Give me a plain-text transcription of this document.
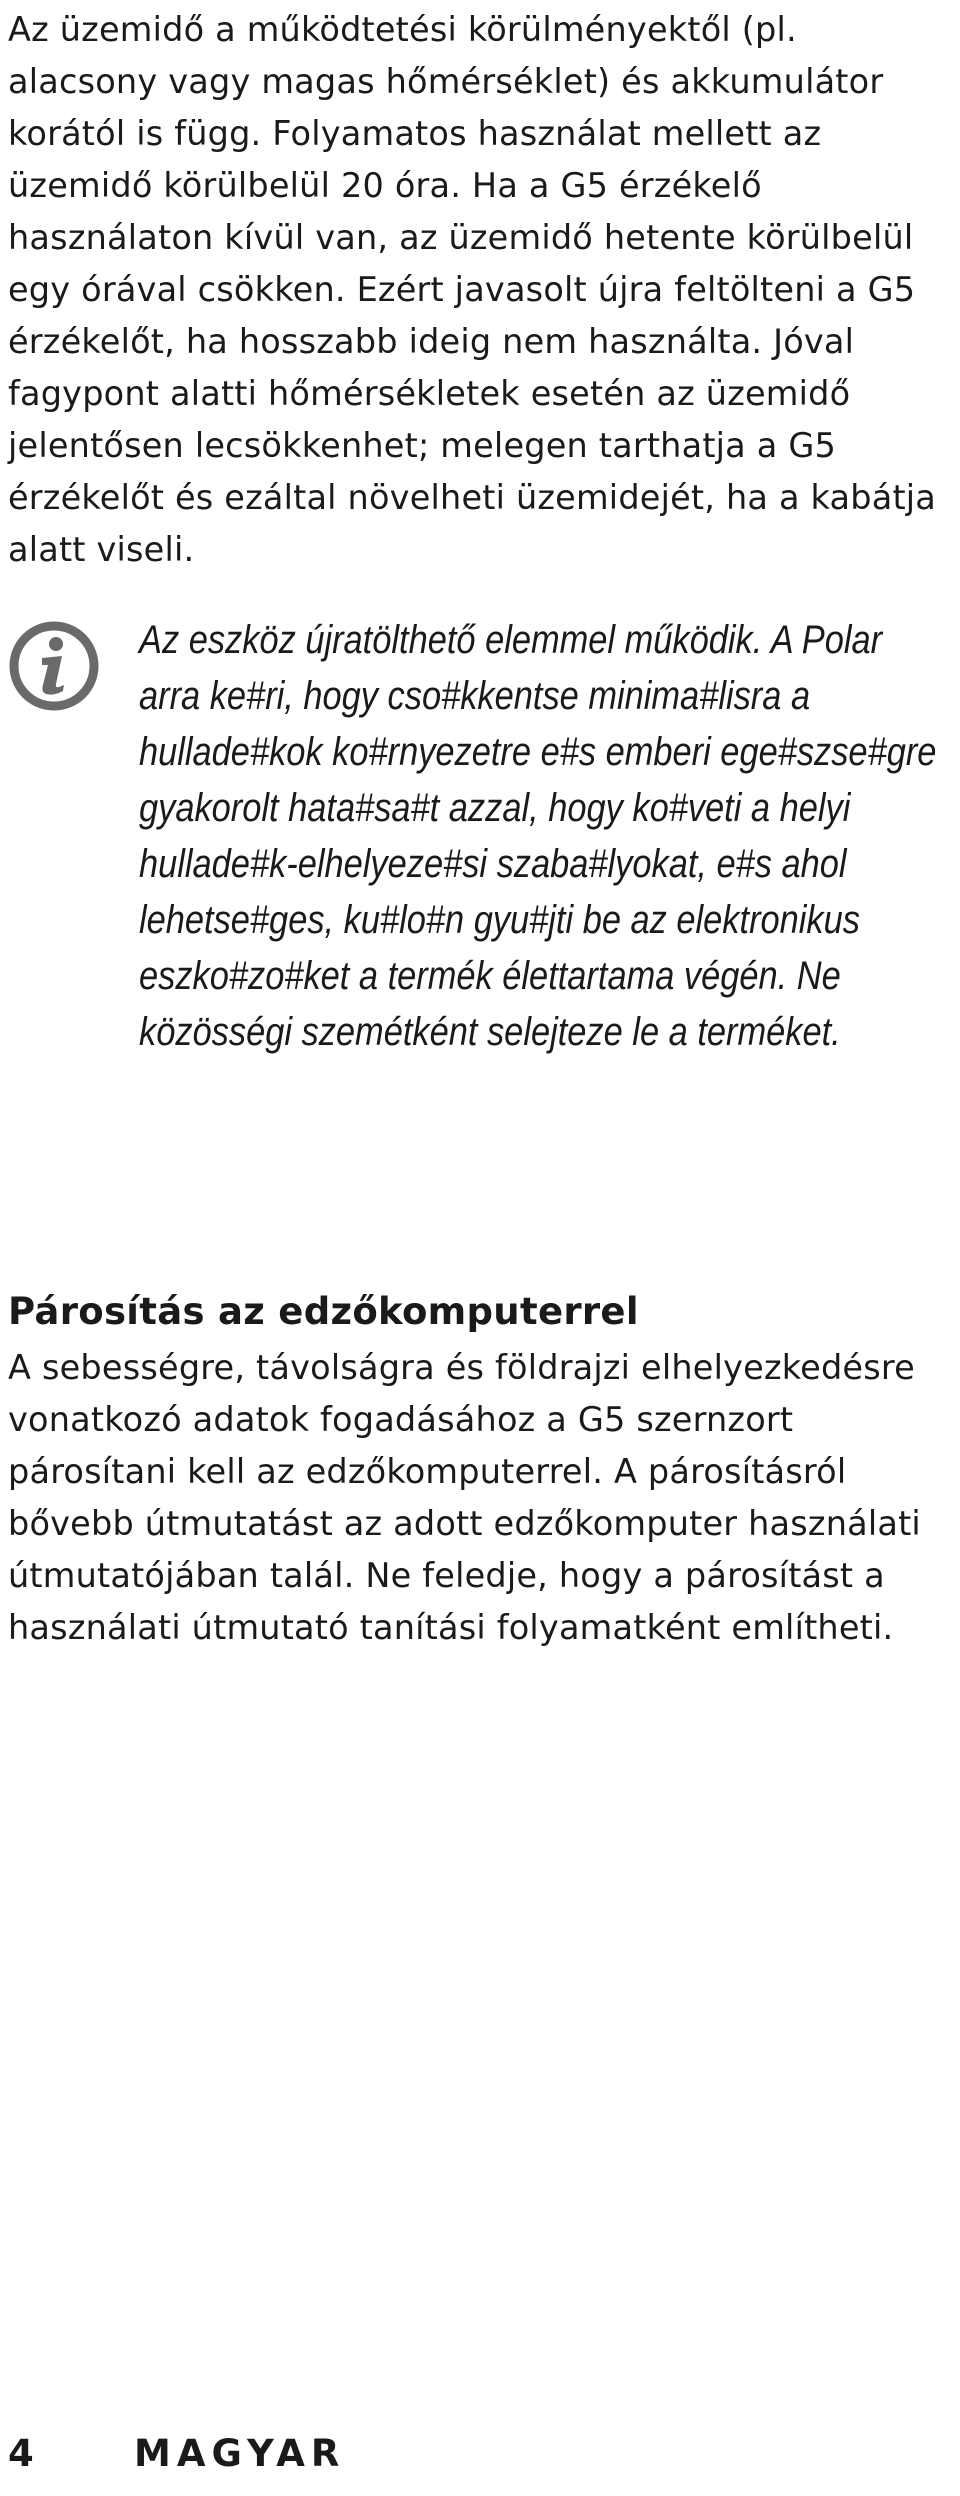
Az üzemidő a működtetési körülményektől (pl. alacsony vagy magas hőmérséklet) és akkumulátor korától is függ. Folyamatos használat mellett az üzemidő körülbelül 20 óra. Ha a G5 érzékelő használaton kívül van, az üzemidő hetente körülbelül egy órával csökken. Ezért javasolt újra feltölteni a G5 érzékelőt, ha hosszabb ideig nem használta. Jóval fagypont alatti hőmérsékletek esetén az üzemidő jelentősen lecsökkenhet; melegen tarthatja a G5 érzékelőt és ezáltal növelheti üzemidejét, ha a kabátja alatt viseli.

Az eszköz újratölthető elemmel működik. A Polar arra ke#ri, hogy cso#kkentse minima#lisra a hullade#kok ko#rnyezetre e#s emberi ege#szse#gre gyakorolt hata#sa#t azzal, hogy ko#veti a helyi hullade#k-elhelyeze#si szaba#lyokat, e#s ahol lehetse#ges, ku#lo#n gyu#jti be az elektronikus eszko#zo#ket a termék élettartama végén. Ne közösségi szemétként selejteze le a terméket.

Párosítás az edzőkomputerrel

A sebességre, távolságra és földrajzi elhelyezkedésre vonatkozó adatok fogadásához a G5 szernzort párosítani kell az edzőkomputerrel. A párosításról bővebb útmutatást az adott edzőkomputer használati útmutatójában talál. Ne feledje, hogy a párosítást a használati útmutató tanítási folyamatként említheti.

4	MAGYAR
